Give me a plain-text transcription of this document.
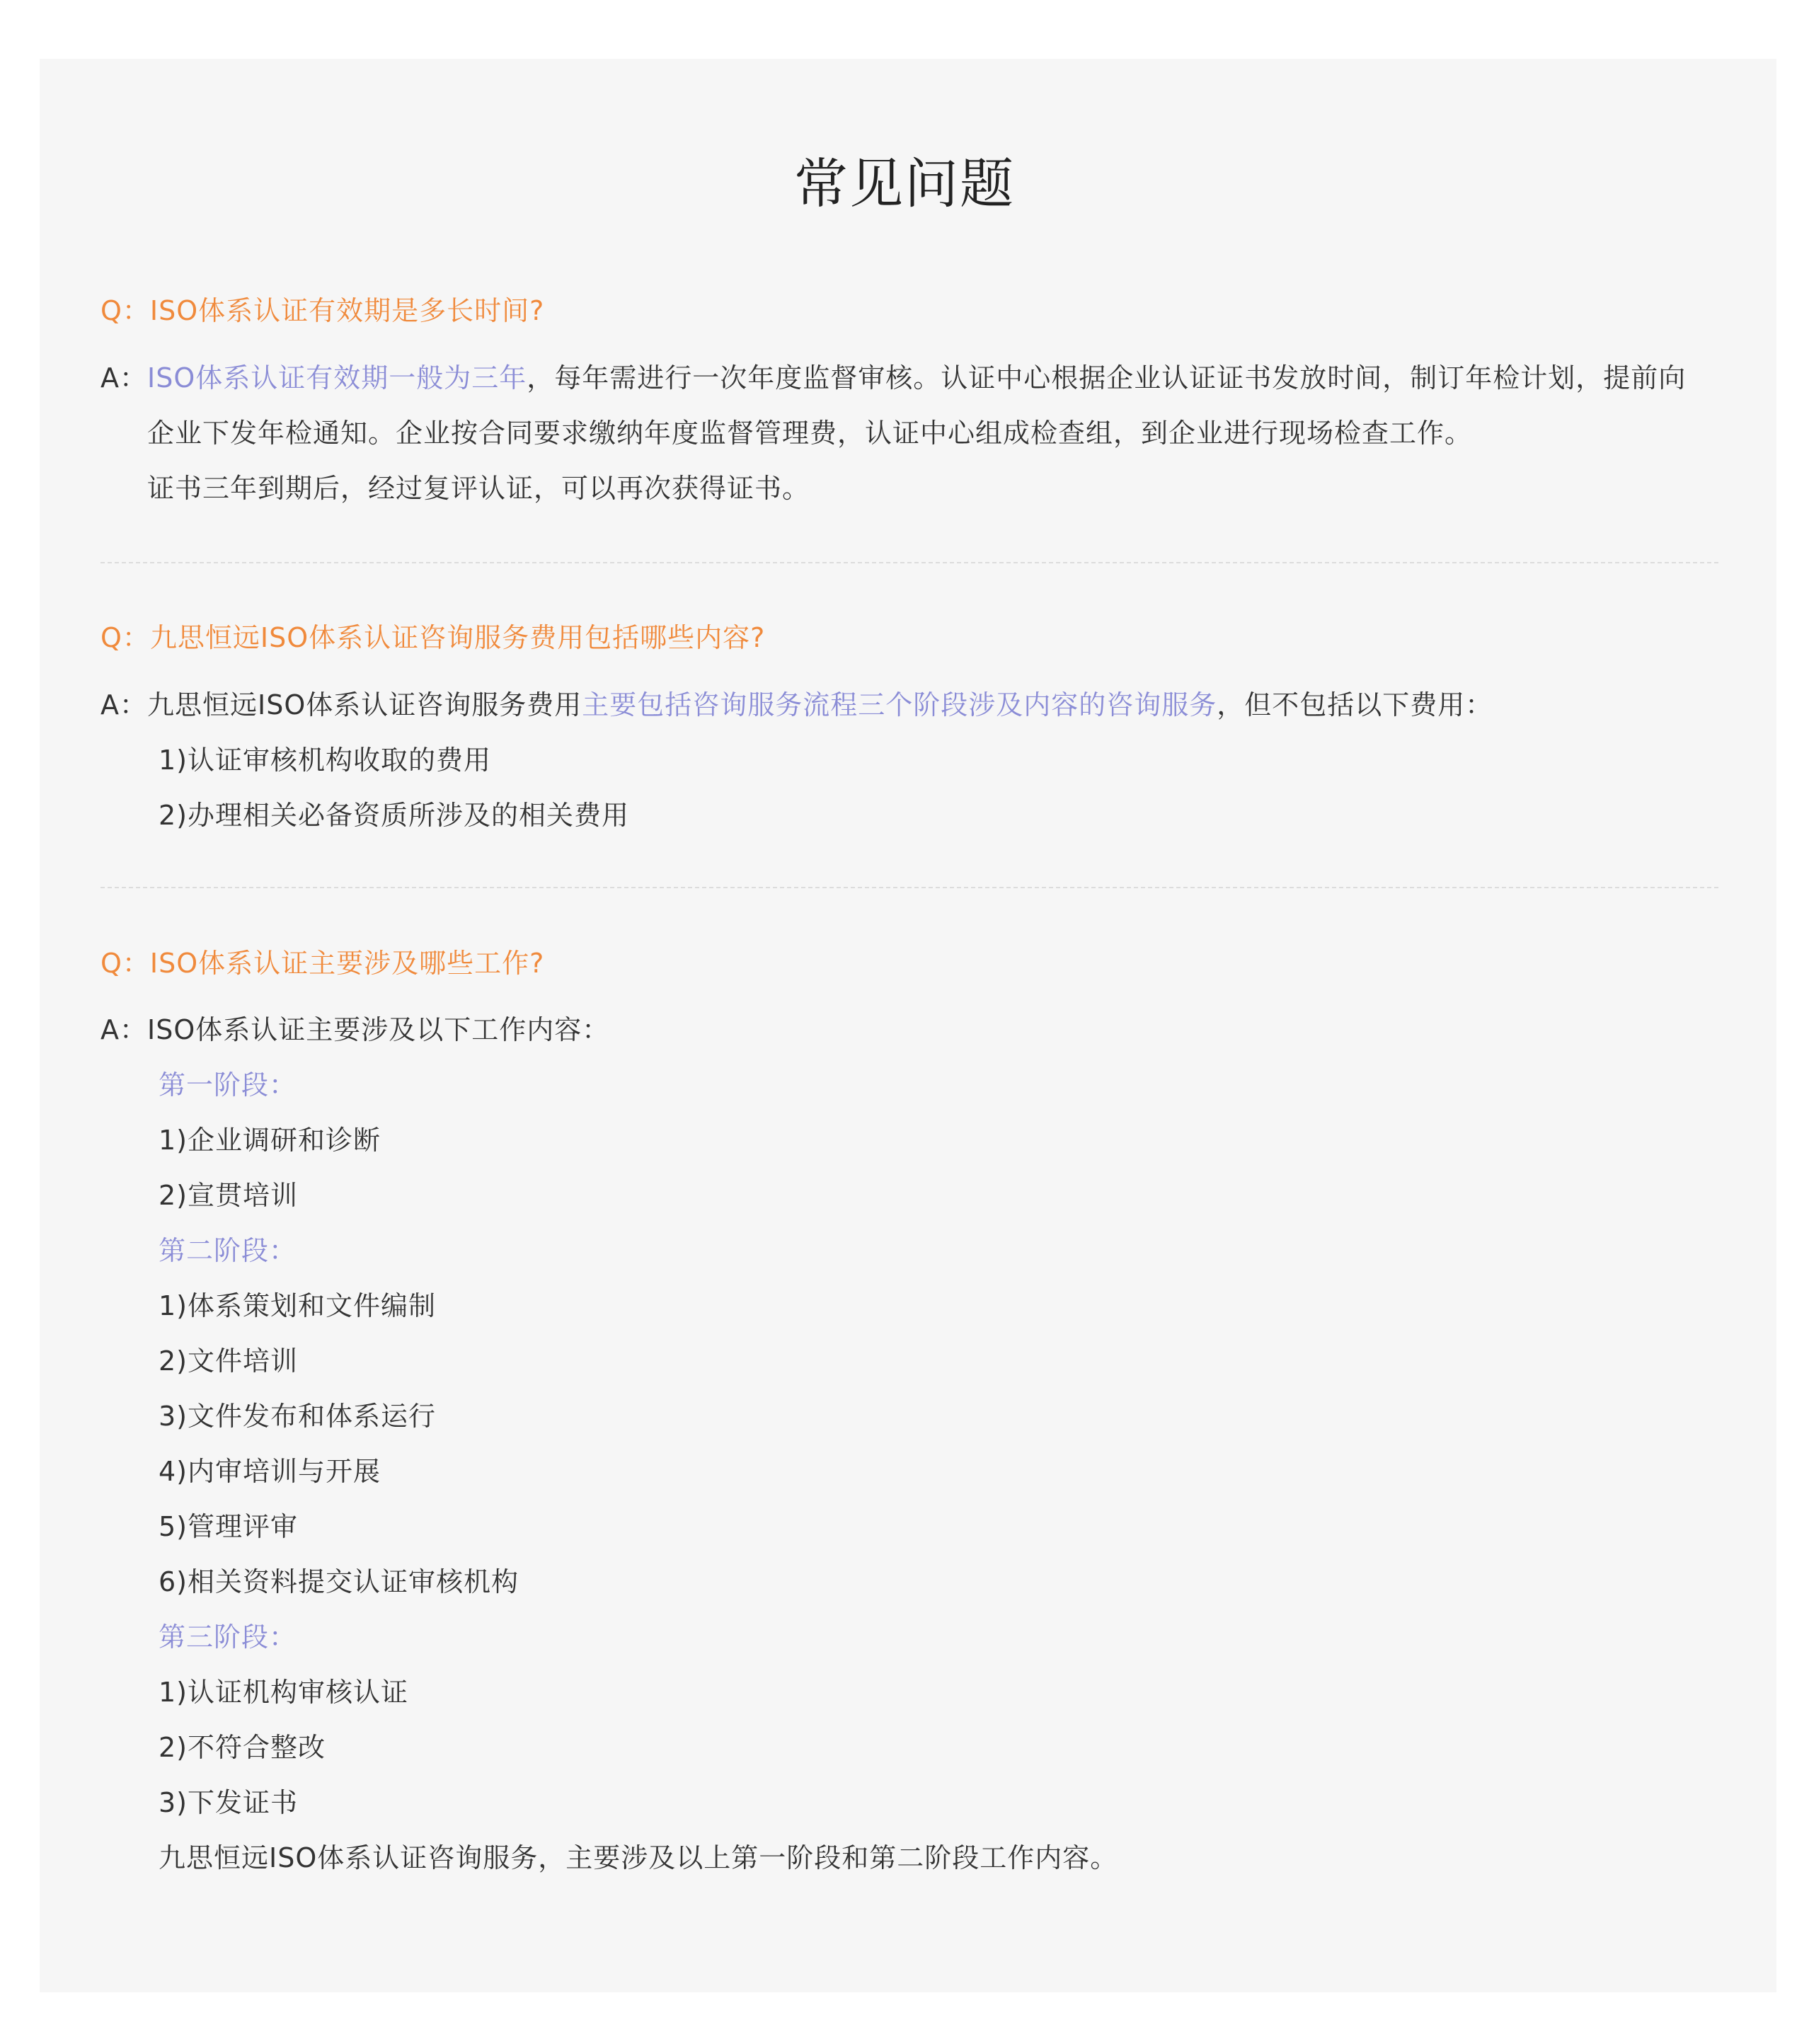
常见问题
Q：ISO体系认证有效期是多长时间?
A：ISO体系认证有效期一般为三年，每年需进行一次年度监督审核。认证中心根据企业认证证书发放时间，制订年检计划，提前向
企业下发年检通知。企业按合同要求缴纳年度监督管理费，认证中心组成检查组，到企业进行现场检查工作。
证书三年到期后，经过复评认证，可以再次获得证书。
Q：九思恒远ISO体系认证咨询服务费用包括哪些内容?
A：九思恒远ISO体系认证咨询服务费用主要包括咨询服务流程三个阶段涉及内容的咨询服务，但不包括以下费用：
1)认证审核机构收取的费用
2)办理相关必备资质所涉及的相关费用
Q：ISO体系认证主要涉及哪些工作?
A：ISO体系认证主要涉及以下工作内容：
第一阶段：
1)企业调研和诊断
2)宣贯培训
第二阶段：
1)体系策划和文件编制
2)文件培训
3)文件发布和体系运行
4)内审培训与开展
5)管理评审
6)相关资料提交认证审核机构
第三阶段：
1)认证机构审核认证
2)不符合整改
3)下发证书
九思恒远ISO体系认证咨询服务，主要涉及以上第一阶段和第二阶段工作内容。
